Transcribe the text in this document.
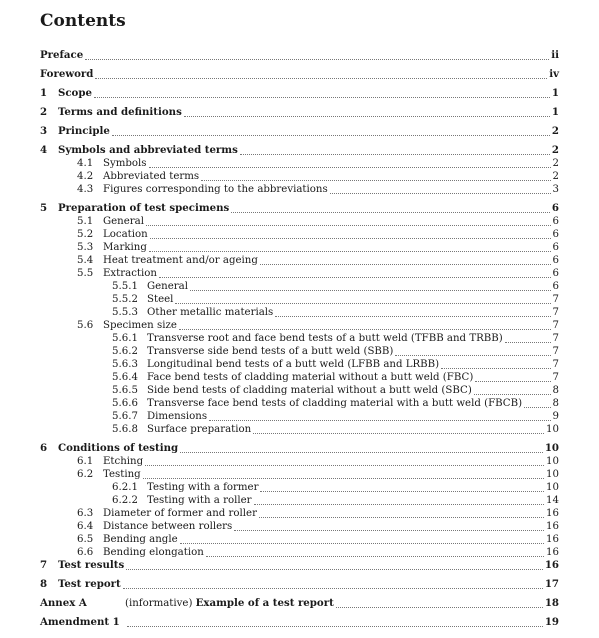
Contents
Preface	ii
Foreword	iv
1 Scope	1
2 Terms and definitions	1
3 Principle	2
4 Symbols and abbreviated terms	2
4.1 Symbols	2
4.2 Abbreviated terms	2
4.3 Figures corresponding to the abbreviations	3
5 Preparation of test specimens	6
5.1 General	6
5.2 Location	6
5.3 Marking	6
5.4 Heat treatment and/or ageing	6
5.5 Extraction	6
5.5.1 General	6
5.5.2 Steel	7
5.5.3 Other metallic materials	7
5.6 Specimen size	7
5.6.1 Transverse root and face bend tests of a butt weld (TFBB and TRBB)	7
5.6.2 Transverse side bend tests of a butt weld (SBB)	7
5.6.3 Longitudinal bend tests of a butt weld (LFBB and LRBB)	7
5.6.4 Face bend tests of cladding material without a butt weld (FBC)	7
5.6.5 Side bend tests of cladding material without a butt weld (SBC)	8
5.6.6 Transverse face bend tests of cladding material with a butt weld (FBCB)	8
5.6.7 Dimensions	9
5.6.8 Surface preparation	10
6 Conditions of testing	10
6.1 Etching	10
6.2 Testing	10
6.2.1 Testing with a former	10
6.2.2 Testing with a roller	14
6.3 Diameter of former and roller	16
6.4 Distance between rollers	16
6.5 Bending angle	16
6.6 Bending elongation	16
7 Test results	16
8 Test report	17
Annex A	(informative) Example of a test report	18
Amendment 1	19
